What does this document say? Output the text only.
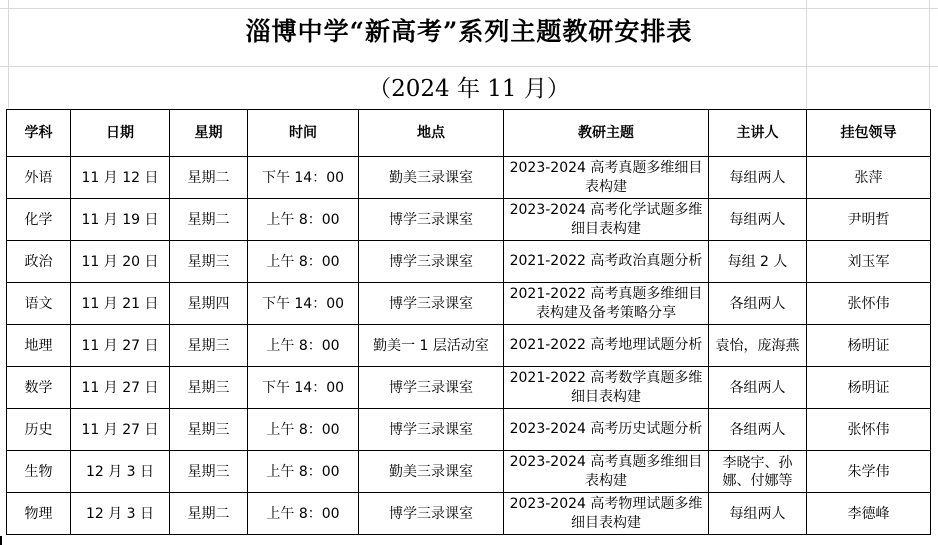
淄博中学“新高考”系列主题教研安排表
（2024 年 11 月）
学科	日期	星期	时间	地点	教研主题	主讲人	挂包领导
外语	11 月 12 日	星期二	下午 14：00	勤美三录课室	2023-2024 高考真题多维细目表构建	每组两人	张萍
化学	11 月 19 日	星期二	上午 8：00	博学三录课室	2023-2024 高考化学试题多维细目表构建	每组两人	尹明哲
政治	11 月 20 日	星期三	上午 8：00	博学三录课室	2021-2022 高考政治真题分析	每组 2 人	刘玉军
语文	11 月 21 日	星期四	下午 14：00	博学三录课室	2021-2022 高考真题多维细目表构建及备考策略分享	各组两人	张怀伟
地理	11 月 27 日	星期三	上午 8：00	勤美一 1 层活动室	2021-2022 高考地理试题分析	袁怡，庞海燕	杨明证
数学	11 月 27 日	星期三	下午 14：00	博学三录课室	2021-2022 高考数学真题多维细目表构建	各组两人	杨明证
历史	11 月 27 日	星期三	上午 8：00	博学三录课室	2023-2024 高考历史试题分析	各组两人	张怀伟
生物	12 月 3 日	星期三	上午 8：00	勤美三录课室	2023-2024 高考真题多维细目表构建	李晓宇、孙娜、付娜等	朱学伟
物理	12 月 3 日	星期二	上午 8：00	博学三录课室	2023-2024 高考物理试题多维细目表构建	每组两人	李德峰
